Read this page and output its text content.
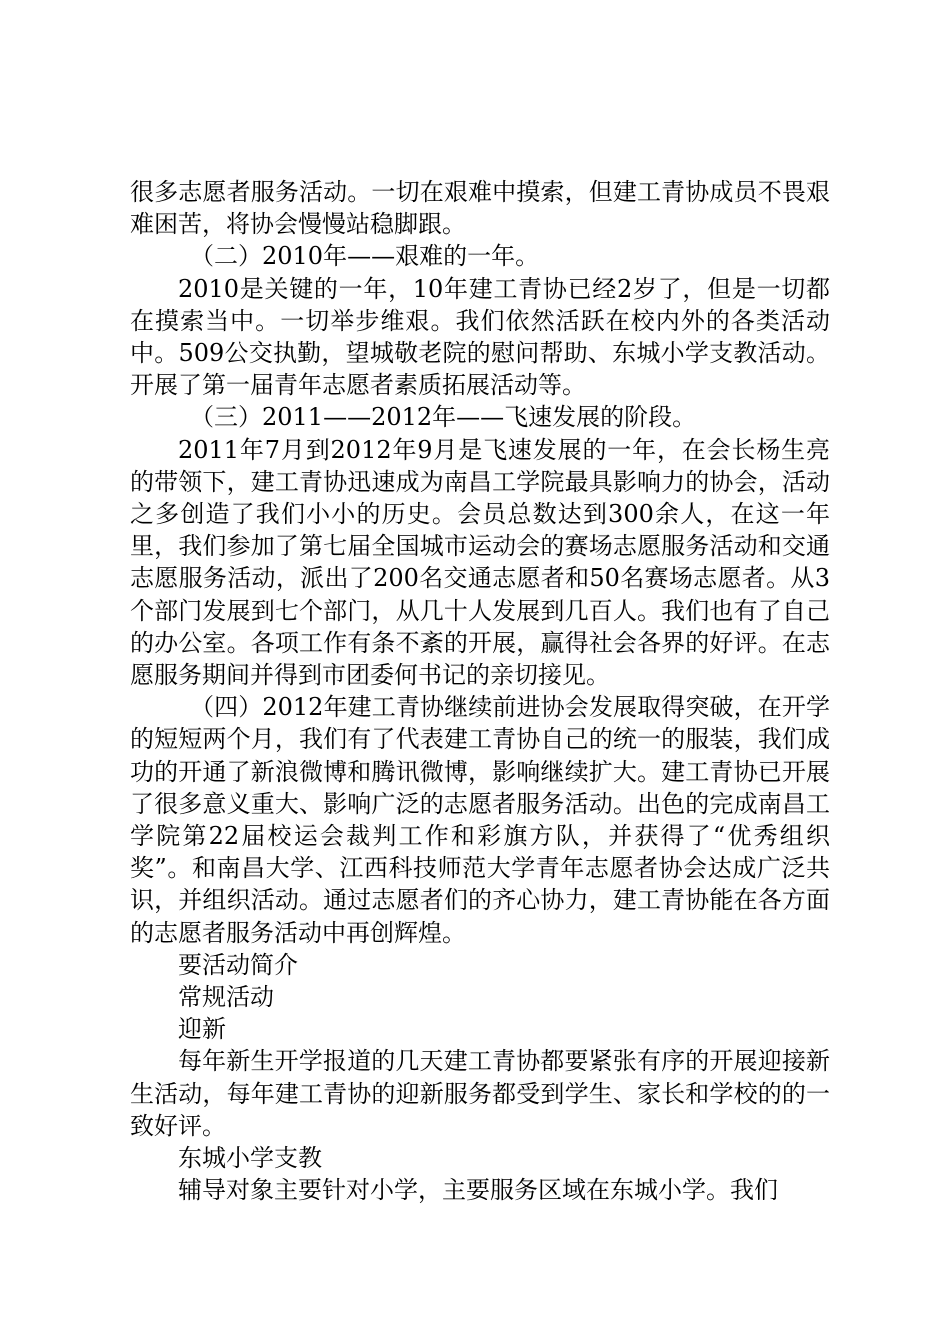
很多志愿者服务活动。一切在艰难中摸索，但建工青协成员不畏艰难困苦，将协会慢慢站稳脚跟。

（二）2010年——艰难的一年。

2010是关键的一年，10年建工青协已经2岁了，但是一切都在摸索当中。一切举步维艰。我们依然活跃在校内外的各类活动中。509公交执勤，望城敬老院的慰问帮助、东城小学支教活动。开展了第一届青年志愿者素质拓展活动等。

（三）2011——2012年——飞速发展的阶段。

2011年7月到2012年9月是飞速发展的一年，在会长杨生亮的带领下，建工青协迅速成为南昌工学院最具影响力的协会，活动之多创造了我们小小的历史。会员总数达到300余人，在这一年里，我们参加了第七届全国城市运动会的赛场志愿服务活动和交通志愿服务活动，派出了200名交通志愿者和50名赛场志愿者。从3个部门发展到七个部门，从几十人发展到几百人。我们也有了自己的办公室。各项工作有条不紊的开展，赢得社会各界的好评。在志愿服务期间并得到市团委何书记的亲切接见。

（四）2012年建工青协继续前进协会发展取得突破，在开学的短短两个月，我们有了代表建工青协自己的统一的服装，我们成功的开通了新浪微博和腾讯微博，影响继续扩大。建工青协已开展了很多意义重大、影响广泛的志愿者服务活动。出色的完成南昌工学院第22届校运会裁判工作和彩旗方队，并获得了“优秀组织奖”。和南昌大学、江西科技师范大学青年志愿者协会达成广泛共识，并组织活动。通过志愿者们的齐心协力，建工青协能在各方面的志愿者服务活动中再创辉煌。

要活动简介

常规活动

迎新

每年新生开学报道的几天建工青协都要紧张有序的开展迎接新生活动，每年建工青协的迎新服务都受到学生、家长和学校的的一致好评。

东城小学支教

辅导对象主要针对小学，主要服务区域在东城小学。我们
